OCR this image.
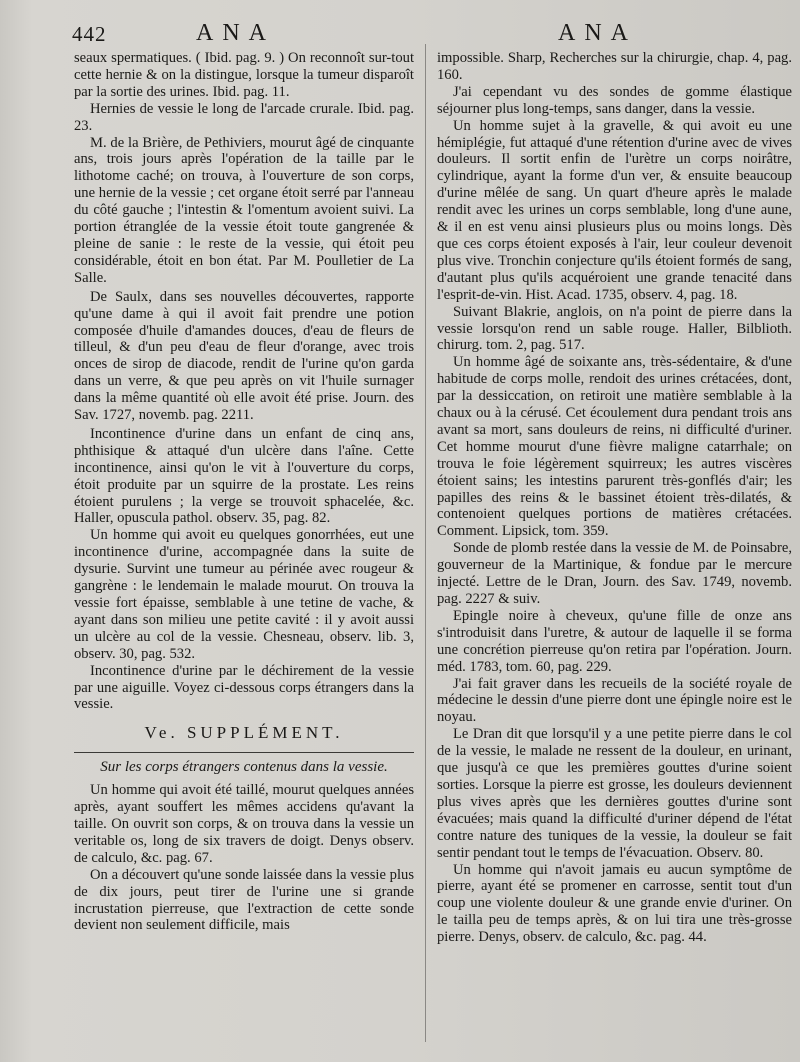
442	ANA	ANA

seaux spermatiques. ( Ibid. pag. 9. ) On reconnoît sur-tout cette hernie & on la distingue, lorsque la tumeur disparoît par la sortie des urines. Ibid. pag. 11.

Hernies de vessie le long de l'arcade crurale. Ibid. pag. 23.

M. de la Brière, de Pethiviers, mourut âgé de cinquante ans, trois jours après l'opération de la taille par le lithotome caché; on trouva, à l'ouverture de son corps, une hernie de la vessie ; cet organe étoit serré par l'anneau du côté gauche ; l'intestin & l'omentum avoient suivi. La portion étranglée de la vessie étoit toute gangrenée & pleine de sanie : le reste de la vessie, qui étoit peu considérable, étoit en bon état. Par M. Poulletier de La Salle.

De Saulx, dans ses nouvelles découvertes, rapporte qu'une dame à qui il avoit fait prendre une potion composée d'huile d'amandes douces, d'eau de fleurs de tilleul, & d'un peu d'eau de fleur d'orange, avec trois onces de sirop de diacode, rendit de l'urine qu'on garda dans un verre, & que peu après on vit l'huile surnager dans la même quantité où elle avoit été prise. Journ. des Sav. 1727, novemb. pag. 2211.

Incontinence d'urine dans un enfant de cinq ans, phthisique & attaqué d'un ulcère dans l'aîne. Cette incontinence, ainsi qu'on le vit à l'ouverture du corps, étoit produite par un squirre de la prostate. Les reins étoient purulens ; la verge se trouvoit sphacelée, &c. Haller, opuscula pathol. observ. 35, pag. 82.

Un homme qui avoit eu quelques gonorrhées, eut une incontinence d'urine, accompagnée dans la suite de dysurie. Survint une tumeur au périnée avec rougeur & gangrène : le lendemain le malade mourut. On trouva la vessie fort épaisse, semblable à une tetine de vache, & ayant dans son milieu une petite cavité : il y avoit aussi un ulcère au col de la vessie. Chesneau, observ. lib. 3, observ. 30, pag. 532.

Incontinence d'urine par le déchirement de la vessie par une aiguille. Voyez ci-dessous corps étrangers dans la vessie.

Ve. SUPPLÉMENT.
Sur les corps étrangers contenus dans la vessie.

Un homme qui avoit été taillé, mourut quelques années après, ayant souffert les mêmes accidens qu'avant la taille. On ouvrit son corps, & on trouva dans la vessie un veritable os, long de six travers de doigt. Denys observ. de calculo, &c. pag. 67.

On a découvert qu'une sonde laissée dans la vessie plus de dix jours, peut tirer de l'urine une si grande incrustation pierreuse, que l'extraction de cette sonde devient non seulement difficile, mais

impossible. Sharp, Recherches sur la chirurgie, chap. 4, pag. 160.

J'ai cependant vu des sondes de gomme élastique séjourner plus long-temps, sans danger, dans la vessie.

Un homme sujet à la gravelle, & qui avoit eu une hémiplégie, fut attaqué d'une rétention d'urine avec de vives douleurs. Il sortit enfin de l'urètre un corps noirâtre, cylindrique, ayant la forme d'un ver, & ensuite beaucoup d'urine mêlée de sang. Un quart d'heure après le malade rendit avec les urines un corps semblable, long d'une aune, & il en est venu ainsi plusieurs plus ou moins longs. Dès que ces corps étoient exposés à l'air, leur couleur devenoit plus vive. Tronchin conjecture qu'ils étoient formés de sang, d'autant plus qu'ils acquéroient une grande tenacité dans l'esprit-de-vin. Hist. Acad. 1735, observ. 4, pag. 18.

Suivant Blakrie, anglois, on n'a point de pierre dans la vessie lorsqu'on rend un sable rouge. Haller, Bilblioth. chirurg. tom. 2, pag. 517.

Un homme âgé de soixante ans, très-sédentaire, & d'une habitude de corps molle, rendoit des urines crétacées, dont, par la dessiccation, on retiroit une matière semblable à la chaux ou à la cérusé. Cet écoulement dura pendant trois ans avant sa mort, sans douleurs de reins, ni difficulté d'uriner. Cet homme mourut d'une fièvre maligne catarrhale; on trouva le foie légèrement squirreux; les autres viscères étoient sains; les intestins parurent très-gonflés d'air; les papilles des reins & le bassinet étoient très-dilatés, & contenoient quelques portions de matières crétacées. Comment. Lipsick, tom. 359.

Sonde de plomb restée dans la vessie de M. de Poinsabre, gouverneur de la Martinique, & fondue par le mercure injecté. Lettre de le Dran, Journ. des Sav. 1749, novemb. pag. 2227 & suiv.

Epingle noire à cheveux, qu'une fille de onze ans s'introduisit dans l'uretre, & autour de laquelle il se forma une concrétion pierreuse qu'on retira par l'opération. Journ. méd. 1783, tom. 60, pag. 229.

J'ai fait graver dans les recueils de la société royale de médecine le dessin d'une pierre dont une épingle noire est le noyau.

Le Dran dit que lorsqu'il y a une petite pierre dans le col de la vessie, le malade ne ressent de la douleur, en urinant, que jusqu'à ce que les premières gouttes d'urine soient sorties. Lorsque la pierre est grosse, les douleurs deviennent plus vives après que les dernières gouttes d'urine sont évacuées; mais quand la difficulté d'uriner dépend de l'état contre nature des tuniques de la vessie, la douleur se fait sentir pendant tout le temps de l'évacuation. Observ. 80.

Un homme qui n'avoit jamais eu aucun symptôme de pierre, ayant été se promener en carrosse, sentit tout d'un coup une violente douleur & une grande envie d'uriner. On le tailla peu de temps après, & on lui tira une très-grosse pierre. Denys, observ. de calculo, &c. pag. 44.
